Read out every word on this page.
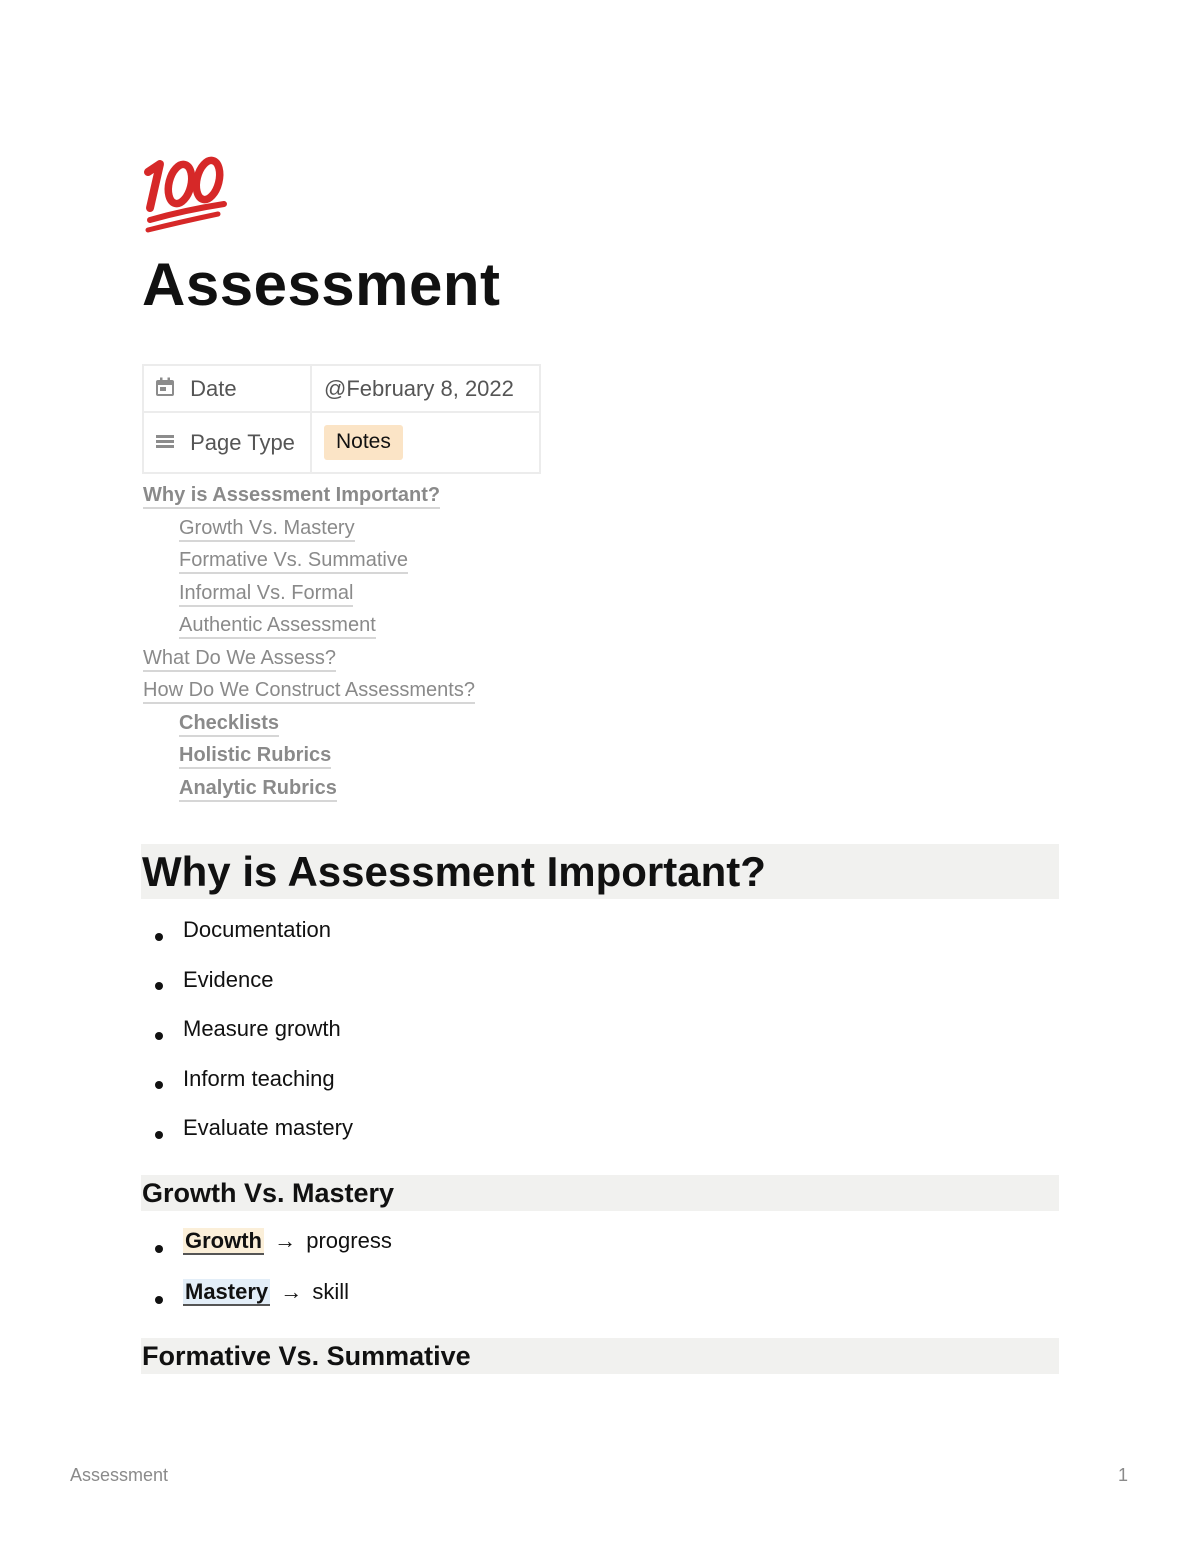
Assessment
Date	@February 8, 2022
Page Type	Notes
Why is Assessment Important?
Growth Vs. Mastery
Formative Vs. Summative
Informal Vs. Formal
Authentic Assessment
What Do We Assess?
How Do We Construct Assessments?
Checklists
Holistic Rubrics
Analytic Rubrics
Why is Assessment Important?
Documentation
Evidence
Measure growth
Inform teaching
Evaluate mastery
Growth Vs. Mastery
Growth → progress
Mastery → skill
Formative Vs. Summative
Assessment	1
